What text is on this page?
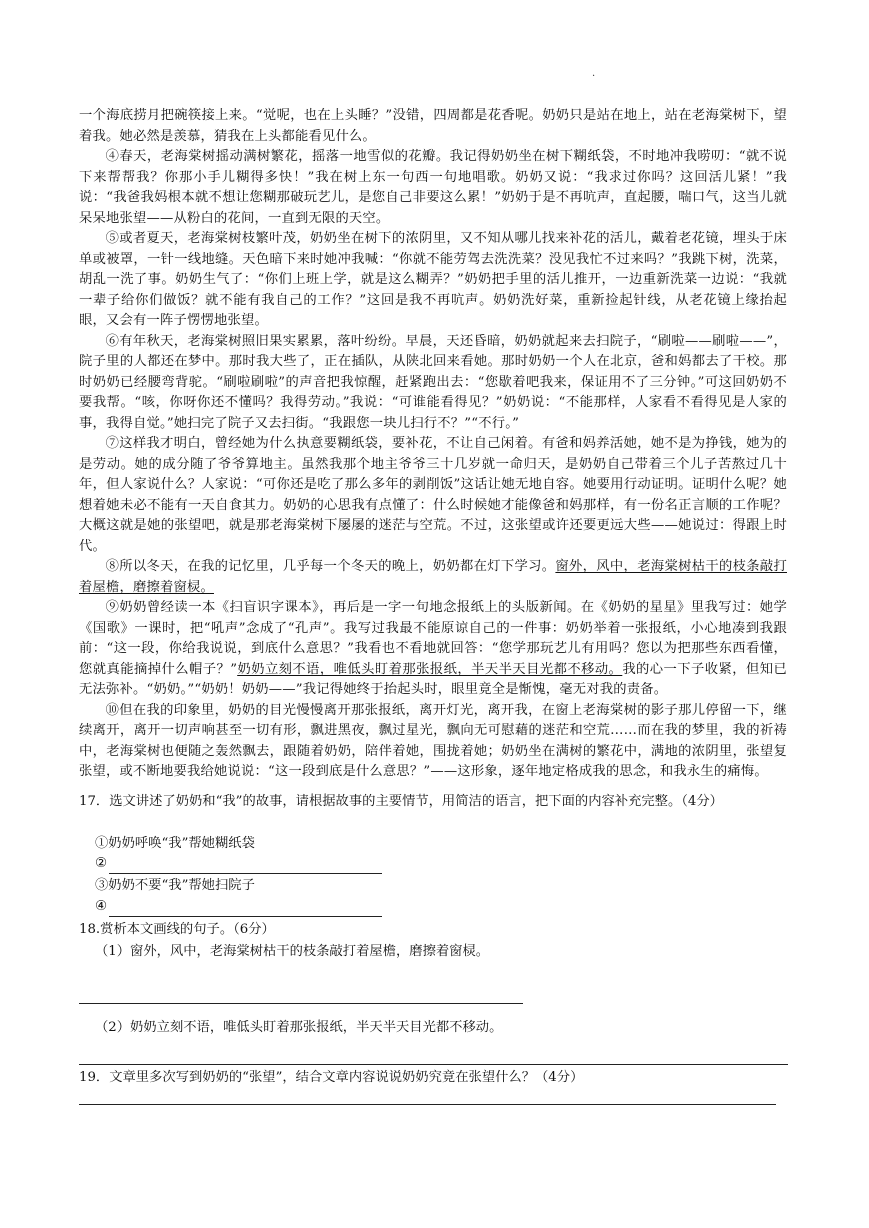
.

一个海底捞月把碗筷接上来。“觉呢，也在上头睡？”没错，四周都是花香呢。奶奶只是站在地上，站在老海棠树下，望着我。她必然是羡慕，猜我在上头都能看见什么。

④春天，老海棠树摇动满树繁花，摇落一地雪似的花瓣。我记得奶奶坐在树下糊纸袋，不时地冲我唠叨：“就不说下来帮帮我？你那小手儿糊得多快！”我在树上东一句西一句地唱歌。奶奶又说：“我求过你吗？这回活儿紧！”我说：“我爸我妈根本就不想让您糊那破玩艺儿，是您自己非要这么累！”奶奶于是不再吭声，直起腰，喘口气，这当儿就呆呆地张望——从粉白的花间，一直到无限的天空。

⑤或者夏天，老海棠树枝繁叶茂，奶奶坐在树下的浓阴里，又不知从哪儿找来补花的活儿，戴着老花镜，埋头于床单或被罩，一针一线地缝。天色暗下来时她冲我喊：“你就不能劳驾去洗洗菜？没见我忙不过来吗？”我跳下树，洗菜，胡乱一洗了事。奶奶生气了：“你们上班上学，就是这么糊弄？”奶奶把手里的活儿推开，一边重新洗菜一边说：“我就一辈子给你们做饭？就不能有我自己的工作？”这回是我不再吭声。奶奶洗好菜，重新捡起针线，从老花镜上缘抬起眼，又会有一阵子愣愣地张望。

⑥有年秋天，老海棠树照旧果实累累，落叶纷纷。早晨，天还昏暗，奶奶就起来去扫院子，“刷啦——刷啦——”，院子里的人都还在梦中。那时我大些了，正在插队，从陕北回来看她。那时奶奶一个人在北京，爸和妈都去了干校。那时奶奶已经腰弯背驼。“刷啦刷啦”的声音把我惊醒，赶紧跑出去：“您歇着吧我来，保证用不了三分钟。”可这回奶奶不要我帮。“咳，你呀你还不懂吗？我得劳动。”我说：“可谁能看得见？”奶奶说：“不能那样，人家看不看得见是人家的事，我得自觉。”她扫完了院子又去扫街。“我跟您一块儿扫行不？”“不行。”

⑦这样我才明白，曾经她为什么执意要糊纸袋，要补花，不让自己闲着。有爸和妈养活她，她不是为挣钱，她为的是劳动。她的成分随了爷爷算地主。虽然我那个地主爷爷三十几岁就一命归天，是奶奶自己带着三个儿子苦熬过几十年，但人家说什么？人家说：“可你还是吃了那么多年的剥削饭”这话让她无地自容。她要用行动证明。证明什么呢？她想着她未必不能有一天自食其力。奶奶的心思我有点懂了：什么时候她才能像爸和妈那样，有一份名正言顺的工作呢？大概这就是她的张望吧，就是那老海棠树下屡屡的迷茫与空荒。不过，这张望或许还要更远大些——她说过：得跟上时代。

⑧所以冬天，在我的记忆里，几乎每一个冬天的晚上，奶奶都在灯下学习。窗外，风中，老海棠树枯干的枝条敲打着屋檐，磨擦着窗棂。

⑨奶奶曾经读一本《扫盲识字课本》，再后是一字一句地念报纸上的头版新闻。在《奶奶的星星》里我写过：她学《国歌》一课时，把“吼声”念成了“孔声”。我写过我最不能原谅自己的一件事：奶奶举着一张报纸，小心地凑到我跟前：“这一段，你给我说说，到底什么意思？”我看也不看地就回答：“您学那玩艺儿有用吗？您以为把那些东西看懂，您就真能摘掉什么帽子？”奶奶立刻不语，唯低头盯着那张报纸，半天半天目光都不移动。我的心一下子收紧，但知已无法弥补。“奶奶。”“奶奶！奶奶——”我记得她终于抬起头时，眼里竟全是惭愧，毫无对我的责备。

⑩但在我的印象里，奶奶的目光慢慢离开那张报纸，离开灯光，离开我，在窗上老海棠树的影子那儿停留一下，继续离开，离开一切声响甚至一切有形，飘进黑夜，飘过星光，飘向无可慰藉的迷茫和空荒……而在我的梦里，我的祈祷中，老海棠树也便随之轰然飘去，跟随着奶奶，陪伴着她，围拢着她；奶奶坐在满树的繁花中，满地的浓阴里，张望复张望，或不断地要我给她说说：“这一段到底是什么意思？”——这形象，逐年地定格成我的思念，和我永生的痛悔。

17．选文讲述了奶奶和“我”的故事，请根据故事的主要情节，用简洁的语言，把下面的内容补充完整。（4分）
①奶奶呼唤“我”帮她糊纸袋
②
③奶奶不要“我”帮她扫院子
④
18.赏析本文画线的句子。（6分）
（1）窗外，风中，老海棠树枯干的枝条敲打着屋檐，磨擦着窗棂。
（2）奶奶立刻不语，唯低头盯着那张报纸，半天半天目光都不移动。
19．文章里多次写到奶奶的“张望”，结合文章内容说说奶奶究竟在张望什么？（4分）
